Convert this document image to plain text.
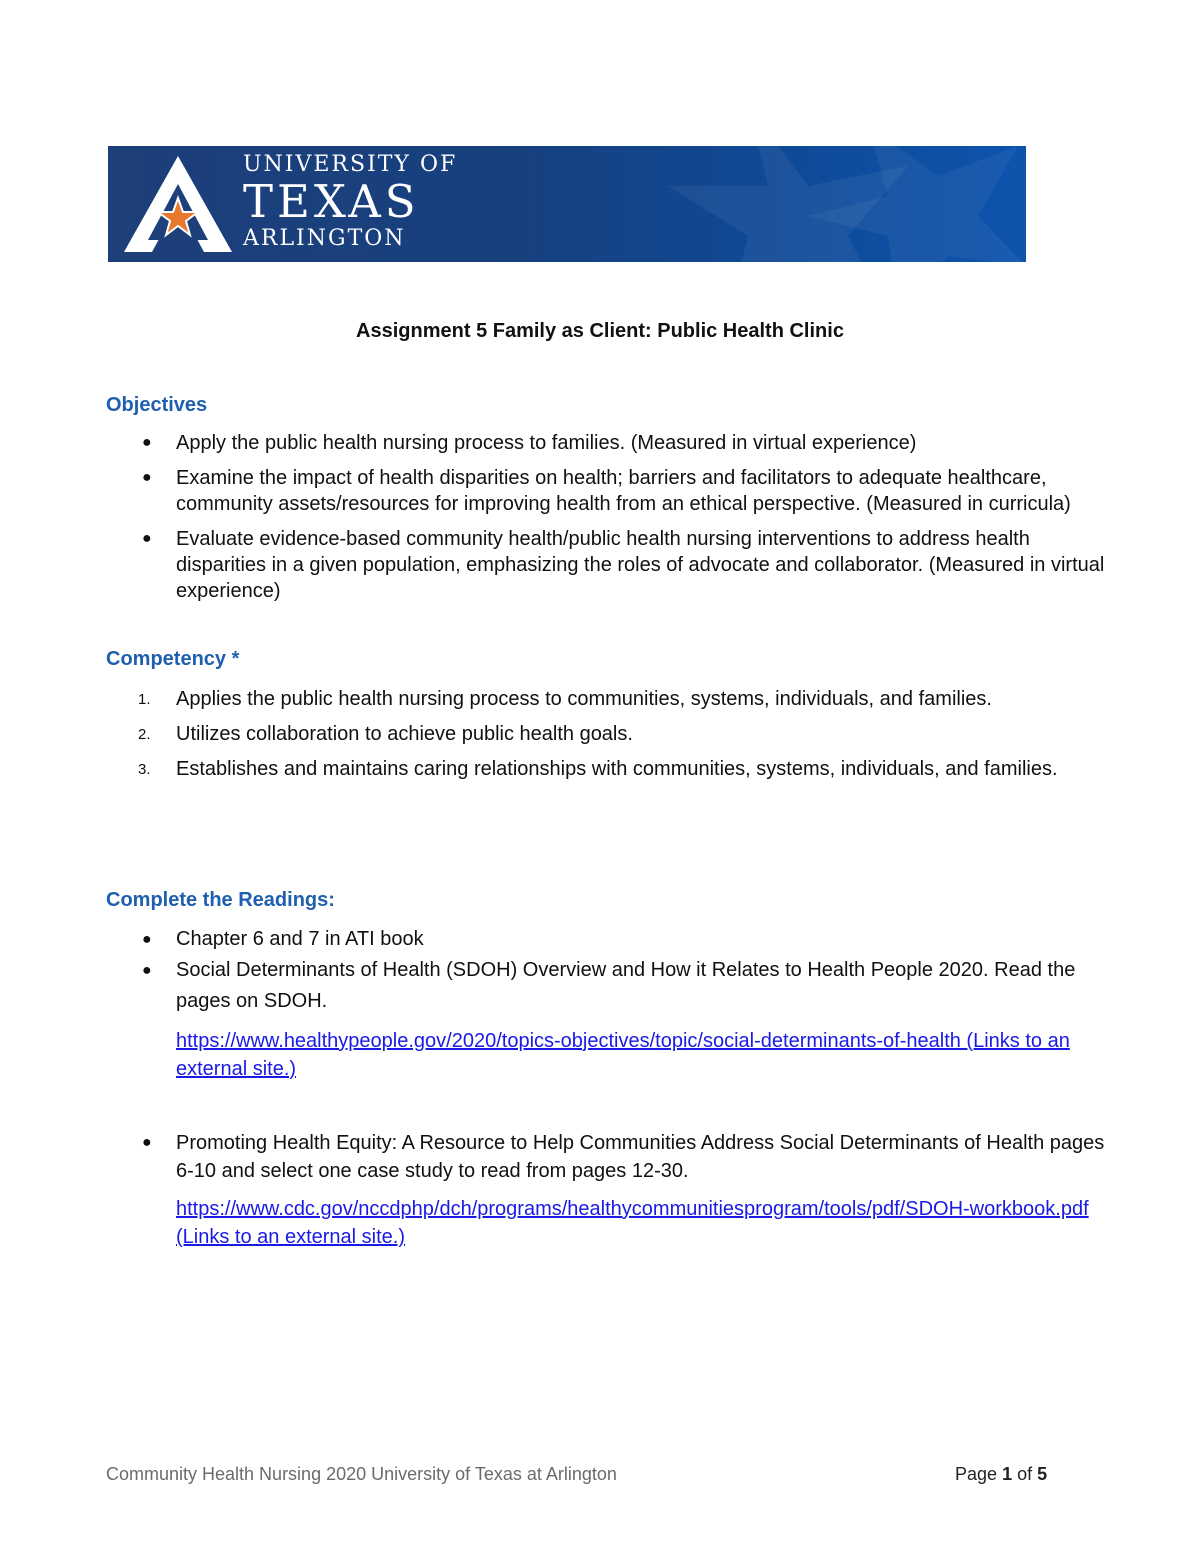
UNIVERSITY OF
TEXAS
ARLINGTON
Assignment 5 Family as Client: Public Health Clinic
Objectives
● Apply the public health nursing process to families. (Measured in virtual experience)
● Examine the impact of health disparities on health; barriers and facilitators to adequate healthcare, community assets/resources for improving health from an ethical perspective. (Measured in curricula)
● Evaluate evidence-based community health/public health nursing interventions to address health disparities in a given population, emphasizing the roles of advocate and collaborator. (Measured in virtual experience)
Competency *
1. Applies the public health nursing process to communities, systems, individuals, and families.
2. Utilizes collaboration to achieve public health goals.
3. Establishes and maintains caring relationships with communities, systems, individuals, and families.
Complete the Readings:
● Chapter 6 and 7 in ATI book
● Social Determinants of Health (SDOH) Overview and How it Relates to Health People 2020. Read the pages on SDOH.
https://www.healthypeople.gov/2020/topics-objectives/topic/social-determinants-of-health (Links to an external site.)
● Promoting Health Equity: A Resource to Help Communities Address Social Determinants of Health pages 6-10 and select one case study to read from pages 12-30.
https://www.cdc.gov/nccdphp/dch/programs/healthycommunitiesprogram/tools/pdf/SDOH-workbook.pdf (Links to an external site.)
Community Health Nursing 2020 University of Texas at Arlington	Page 1 of 5
